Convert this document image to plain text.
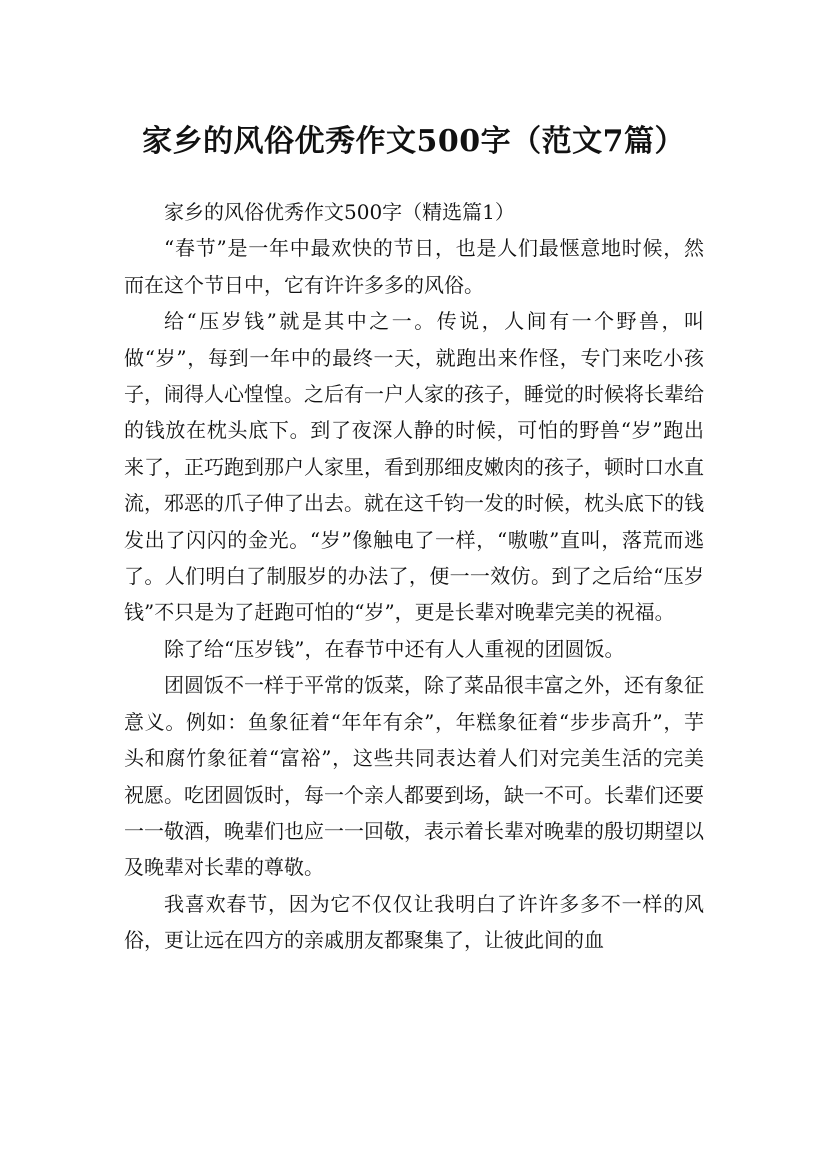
家乡的风俗优秀作文500字（范文7篇）

家乡的风俗优秀作文500字（精选篇1）

“春节”是一年中最欢快的节日，也是人们最惬意地时候，然而在这个节日中，它有许许多多的风俗。

给“压岁钱”就是其中之一。传说，人间有一个野兽，叫做“岁”，每到一年中的最终一天，就跑出来作怪，专门来吃小孩子，闹得人心惶惶。之后有一户人家的孩子，睡觉的时候将长辈给的钱放在枕头底下。到了夜深人静的时候，可怕的野兽“岁”跑出来了，正巧跑到那户人家里，看到那细皮嫩肉的孩子，顿时口水直流，邪恶的爪子伸了出去。就在这千钧一发的时候，枕头底下的钱发出了闪闪的金光。“岁”像触电了一样，“嗷嗷”直叫，落荒而逃了。人们明白了制服岁的办法了，便一一效仿。到了之后给“压岁钱”不只是为了赶跑可怕的“岁”，更是长辈对晚辈完美的祝福。

除了给“压岁钱”，在春节中还有人人重视的团圆饭。

团圆饭不一样于平常的饭菜，除了菜品很丰富之外，还有象征意义。例如：鱼象征着“年年有余”，年糕象征着“步步高升”，芋头和腐竹象征着“富裕”，这些共同表达着人们对完美生活的完美祝愿。吃团圆饭时，每一个亲人都要到场，缺一不可。长辈们还要一一敬酒，晚辈们也应一一回敬，表示着长辈对晚辈的殷切期望以及晚辈对长辈的尊敬。

我喜欢春节，因为它不仅仅让我明白了许许多多不一样的风俗，更让远在四方的亲戚朋友都聚集了，让彼此间的血
